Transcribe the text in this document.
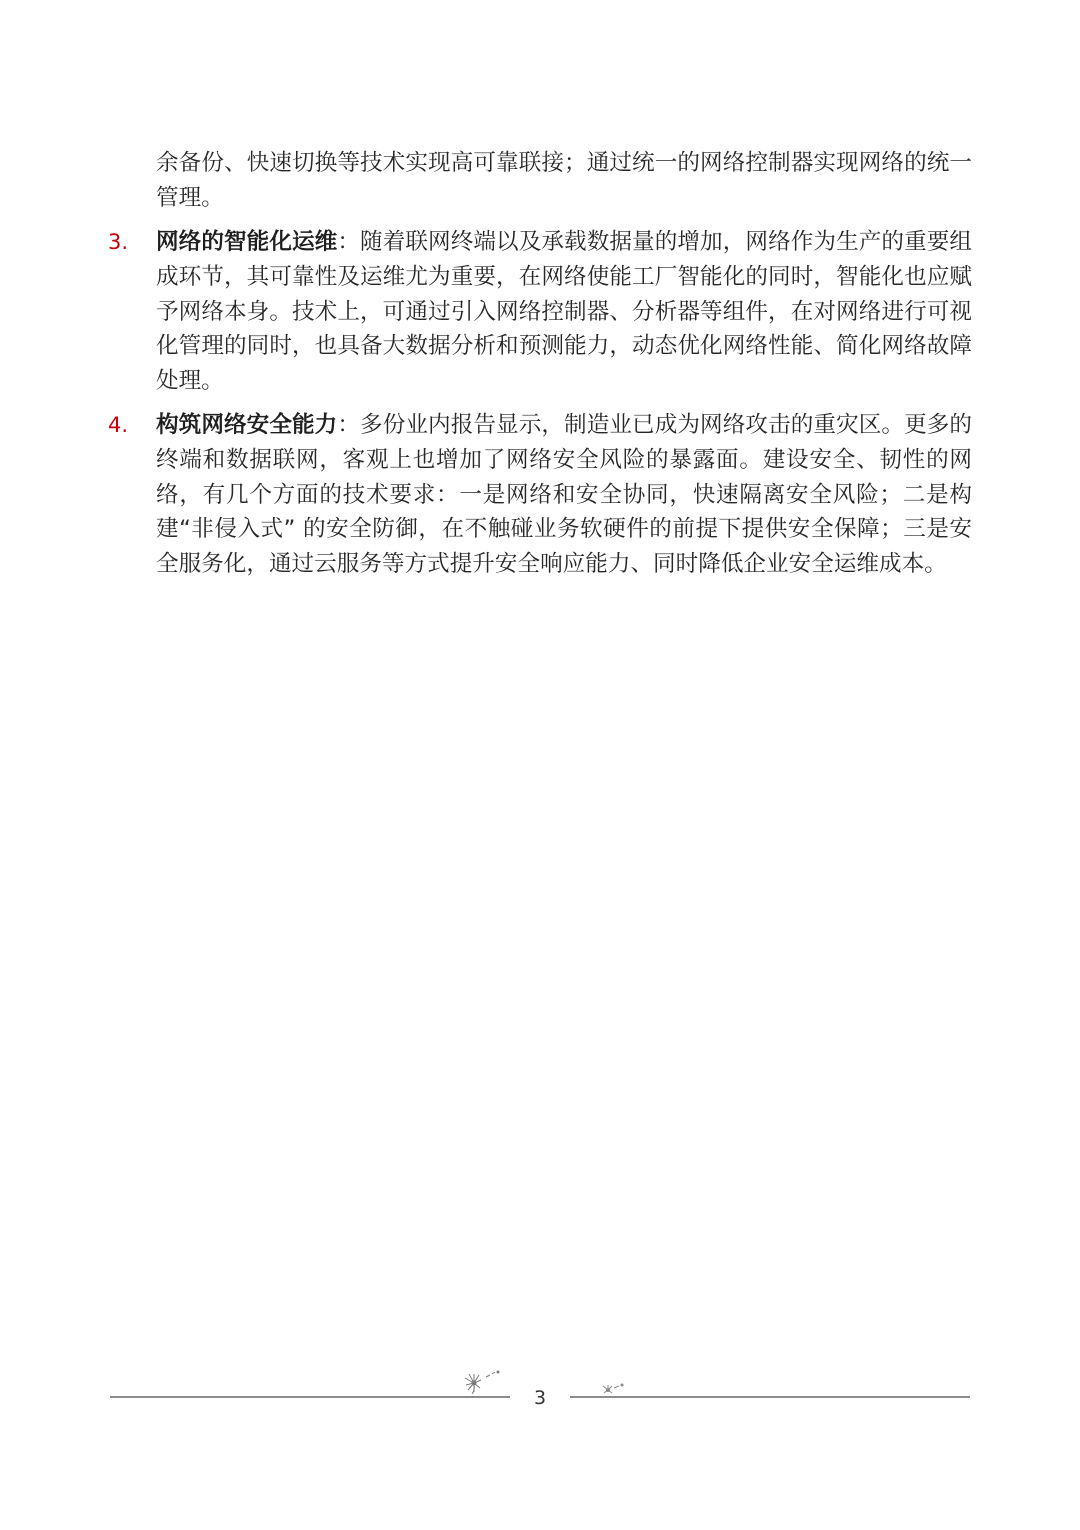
余备份、快速切换等技术实现高可靠联接；通过统一的网络控制器实现网络的统一管理。

3. 网络的智能化运维：随着联网终端以及承载数据量的增加，网络作为生产的重要组成环节，其可靠性及运维尤为重要，在网络使能工厂智能化的同时，智能化也应赋予网络本身。技术上，可通过引入网络控制器、分析器等组件，在对网络进行可视化管理的同时，也具备大数据分析和预测能力，动态优化网络性能、简化网络故障处理。
4. 构筑网络安全能力：多份业内报告显示，制造业已成为网络攻击的重灾区。更多的终端和数据联网，客观上也增加了网络安全风险的暴露面。建设安全、韧性的网络，有几个方面的技术要求：一是网络和安全协同，快速隔离安全风险；二是构建“非侵入式” 的安全防御，在不触碰业务软硬件的前提下提供安全保障；三是安全服务化，通过云服务等方式提升安全响应能力、同时降低企业安全运维成本。
3
